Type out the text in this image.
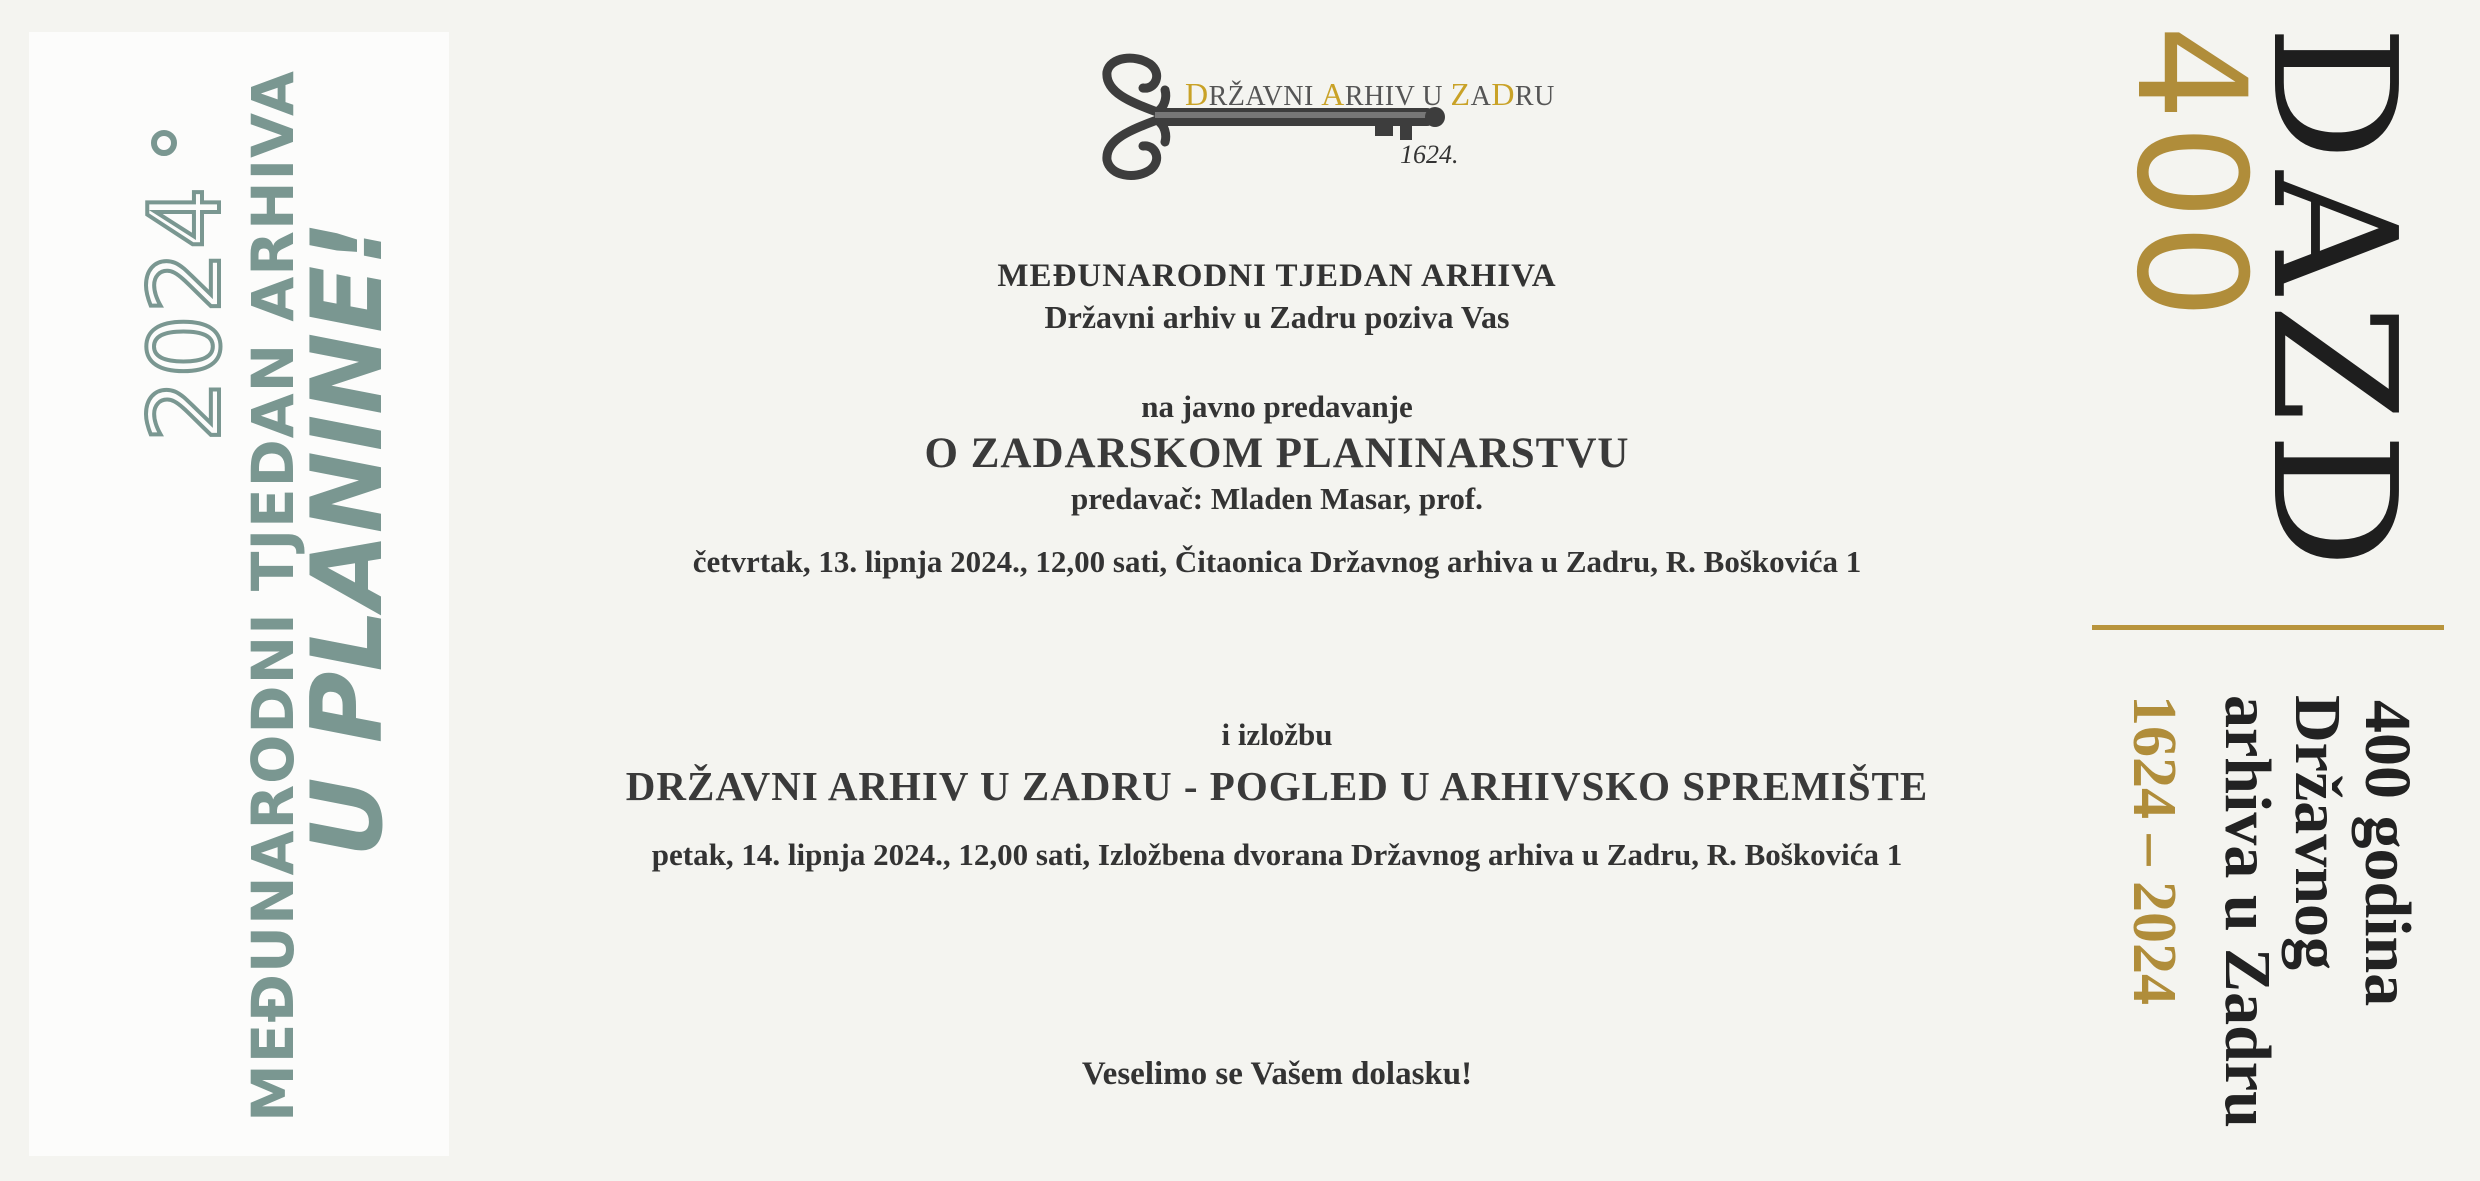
2024
MEĐUNARODNI TJEDAN ARHIVA
U PLANINE!
DRŽAVNI ARHIV U ZADRU
1624.
MEĐUNARODNI TJEDAN ARHIVA
Državni arhiv u Zadru poziva Vas
na javno predavanje
O ZADARSKOM PLANINARSTVU
predavač: Mladen Masar, prof.
četvrtak, 13. lipnja 2024., 12,00 sati, Čitaonica Državnog arhiva u Zadru, R. Boškovića 1
i izložbu
DRŽAVNI ARHIV U ZADRU - POGLED U ARHIVSKO SPREMIŠTE
petak, 14. lipnja 2024., 12,00 sati, Izložbena dvorana Državnog arhiva u Zadru, R. Boškovića 1
Veselimo se Vašem dolasku!
DAZD
400
400 godina
Državnog
arhiva u Zadru
1624 – 2024
